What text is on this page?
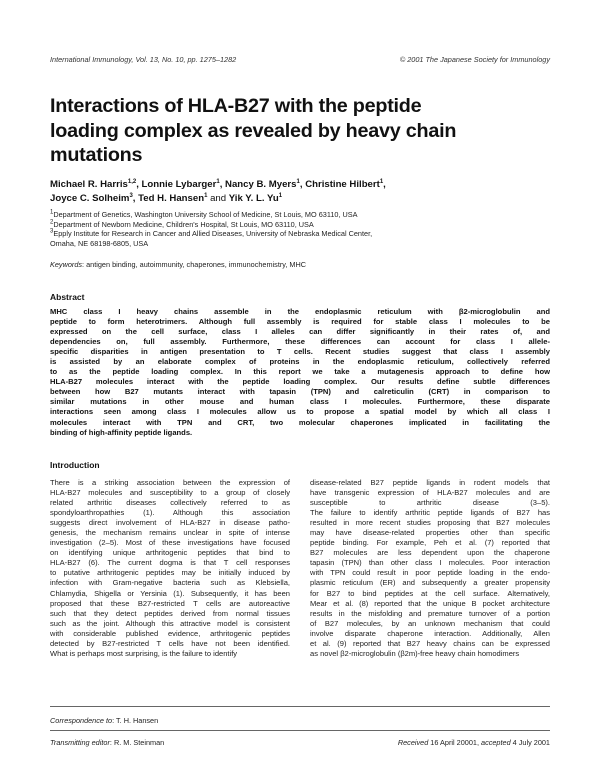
International Immunology, Vol. 13, No. 10, pp. 1275–1282	© 2001 The Japanese Society for Immunology
Interactions of HLA-B27 with the peptide
loading complex as revealed by heavy chain
mutations
Michael R. Harris$^{1,2}$, Lonnie Lybarger$^1$, Nancy B. Myers$^1$, Christine Hilbert$^1$,
Joyce C. Solheim$^3$, Ted H. Hansen$^1$ and Yik Y. L. Yu$^1$
$^1$Department of Genetics, Washington University School of Medicine, St Louis, MO 63110, USA
$^2$Department of Newborn Medicine, Children's Hospital, St Louis, MO 63110, USA
$^3$Epply Institute for Research in Cancer and Allied Diseases, University of Nebraska Medical Center,
Omaha, NE 68198-6805, USA
Keywords: antigen binding, autoimmunity, chaperones, immunochemistry, MHC
Abstract
MHC class I heavy chains assemble in the endoplasmic reticulum with β2-microglobulin and
peptide to form heterotrimers. Although full assembly is required for stable class I molecules to be
expressed on the cell surface, class I alleles can differ significantly in their rates of, and
dependencies on, full assembly. Furthermore, these differences can account for class I allele-
specific disparities in antigen presentation to T cells. Recent studies suggest that class I assembly
is assisted by an elaborate complex of proteins in the endoplasmic reticulum, collectively referred
to as the peptide loading complex. In this report we take a mutagenesis approach to define how
HLA-B27 molecules interact with the peptide loading complex. Our results define subtle differences
between how B27 mutants interact with tapasin (TPN) and calreticulin (CRT) in comparison to
similar mutations in other mouse and human class I molecules. Furthermore, these disparate
interactions seen among class I molecules allow us to propose a spatial model by which all class I
molecules interact with TPN and CRT, two molecular chaperones implicated in facilitating the
binding of high-affinity peptide ligands.
Introduction
There is a striking association between the expression of
HLA-B27 molecules and susceptibility to a group of closely
related arthritic diseases collectively referred to as
spondyloarthropathies (1). Although this association
suggests direct involvement of HLA-B27 in disease patho-
genesis, the mechanism remains unclear in spite of intense
investigation (2–5). Most of these investigations have focused
on identifying unique arthritogenic peptides that bind to
HLA-B27 (6). The current dogma is that T cell responses
to putative arthritogenic peptides may be initially induced by
infection with Gram-negative bacteria such as Klebsiella,
Chlamydia, Shigella or Yersinia (1). Subsequently, it has been
proposed that these B27-restricted T cells are autoreactive
such that they detect peptides derived from normal tissues
such as the joint. Although this attractive model is consistent
with considerable published evidence, arthritogenic peptides
detected by B27-restricted T cells have not been identified.
What is perhaps most surprising, is the failure to identify
disease-related B27 peptide ligands in rodent models that
have transgenic expression of HLA-B27 molecules and are
susceptible to arthritic disease (3–5).
The failure to identify arthritic peptide ligands of B27 has
resulted in more recent studies proposing that B27 molecules
may have disease-related properties other than specific
peptide binding. For example, Peh et al. (7) reported that
B27 molecules are less dependent upon the chaperone
tapasin (TPN) than other class I molecules. Poor interaction
with TPN could result in poor peptide loading in the endo-
plasmic reticulum (ER) and subsequently a greater propensity
for B27 to bind peptides at the cell surface. Alternatively,
Mear et al. (8) reported that the unique B pocket architecture
results in the misfolding and premature turnover of a portion
of B27 molecules, by an unknown mechanism that could
involve disparate chaperone interaction. Additionally, Allen
et al. (9) reported that B27 heavy chains can be expressed
as novel β2-microglobulin (β2m)-free heavy chain homodimers
Correspondence to: T. H. Hansen
Transmitting editor: R. M. Steinman	Received 16 April 20001, accepted 4 July 2001
